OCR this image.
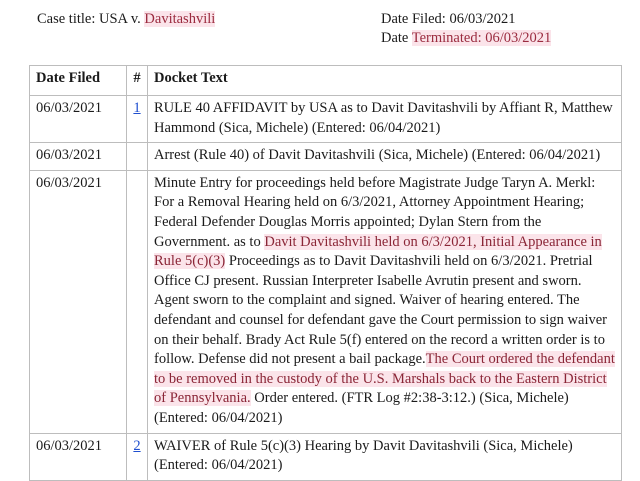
Case title: USA v. Davitashvili	Date Filed: 06/03/2021
Date Terminated: 06/03/2021
Date Filed	#	Docket Text
06/03/2021	1	RULE 40 AFFIDAVIT by USA as to Davit Davitashvili by Affiant R, Matthew Hammond (Sica, Michele) (Entered: 06/04/2021)
06/03/2021		Arrest (Rule 40) of Davit Davitashvili (Sica, Michele) (Entered: 06/04/2021)
06/03/2021		Minute Entry for proceedings held before Magistrate Judge Taryn A. Merkl: For a Removal Hearing held on 6/3/2021, Attorney Appointment Hearing; Federal Defender Douglas Morris appointed; Dylan Stern from the Government. as to Davit Davitashvili held on 6/3/2021, Initial Appearance in Rule 5(c)(3) Proceedings as to Davit Davitashvili held on 6/3/2021. Pretrial Office CJ present. Russian Interpreter Isabelle Avrutin present and sworn. Agent sworn to the complaint and signed. Waiver of hearing entered. The defendant and counsel for defendant gave the Court permission to sign waiver on their behalf. Brady Act Rule 5(f) entered on the record a written order is to follow. Defense did not present a bail package.The Court ordered the defendant to be removed in the custody of the U.S. Marshals back to the Eastern District of Pennsylvania. Order entered. (FTR Log #2:38-3:12.) (Sica, Michele) (Entered: 06/04/2021)
06/03/2021	2	WAIVER of Rule 5(c)(3) Hearing by Davit Davitashvili (Sica, Michele) (Entered: 06/04/2021)
